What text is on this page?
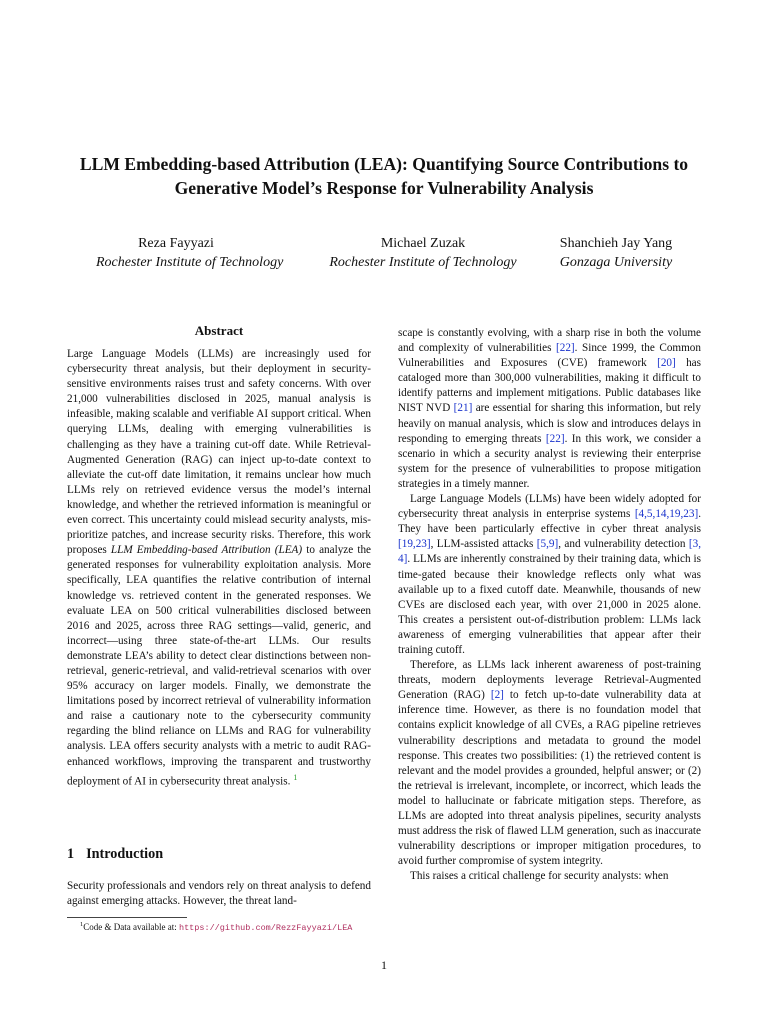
LLM Embedding-based Attribution (LEA): Quantifying Source Contributions to
Generative Model’s Response for Vulnerability Analysis
Reza Fayyazi
Rochester Institute of Technology
Michael Zuzak
Rochester Institute of Technology
Shanchieh Jay Yang
Gonzaga University
Abstract
Large Language Models (LLMs) are increasingly used for cybersecurity threat analysis, but their deployment in security-sensitive environments raises trust and safety concerns. With over 21,000 vulnerabilities disclosed in 2025, manual analysis is infeasible, making scalable and verifiable AI support critical. When querying LLMs, dealing with emerging vulnerabilities is challenging as they have a training cut-off date. While Retrieval-Augmented Generation (RAG) can inject up-to-date context to alleviate the cut-off date limitation, it remains unclear how much LLMs rely on retrieved evidence versus the model’s internal knowledge, and whether the retrieved information is meaningful or even correct. This uncertainty could mislead security analysts, mis-prioritize patches, and increase security risks. Therefore, this work proposes LLM Embedding-based Attribution (LEA) to analyze the generated responses for vulnerability exploitation analysis. More specifically, LEA quantifies the relative contribution of internal knowledge vs. retrieved content in the generated responses. We evaluate LEA on 500 critical vulnerabilities disclosed between 2016 and 2025, across three RAG settings—valid, generic, and incorrect—using three state-of-the-art LLMs. Our results demonstrate LEA’s ability to detect clear distinctions between non-retrieval, generic-retrieval, and valid-retrieval scenarios with over 95% accuracy on larger models. Finally, we demonstrate the limitations posed by incorrect retrieval of vulnerability information and raise a cautionary note to the cybersecurity community regarding the blind reliance on LLMs and RAG for vulnerability analysis. LEA offers security analysts with a metric to audit RAG-enhanced workflows, improving the transparent and trustworthy deployment of AI in cybersecurity threat analysis. $^1$
1 Introduction
Security professionals and vendors rely on threat analysis to defend against emerging attacks. However, the threat land-

scape is constantly evolving, with a sharp rise in both the volume and complexity of vulnerabilities [22]. Since 1999, the Common Vulnerabilities and Exposures (CVE) framework [20] has cataloged more than 300,000 vulnerabilities, making it difficult to identify patterns and implement mitigations. Public databases like NIST NVD [21] are essential for sharing this information, but rely heavily on manual analysis, which is slow and introduces delays in responding to emerging threats [22]. In this work, we consider a scenario in which a security analyst is reviewing their enterprise system for the presence of vulnerabilities to propose mitigation strategies in a timely manner.

Large Language Models (LLMs) have been widely adopted for cybersecurity threat analysis in enterprise systems [4,5,14,19,23]. They have been particularly effective in cyber threat analysis [19,23], LLM-assisted attacks [5,9], and vulnerability detection [3, 4]. LLMs are inherently constrained by their training data, which is time-gated because their knowledge reflects only what was available up to a fixed cutoff date. Meanwhile, thousands of new CVEs are disclosed each year, with over 21,000 in 2025 alone. This creates a persistent out-of-distribution problem: LLMs lack awareness of emerging vulnerabilities that appear after their training cutoff.

Therefore, as LLMs lack inherent awareness of post-training threats, modern deployments leverage Retrieval-Augmented Generation (RAG) [2] to fetch up-to-date vulnerability data at inference time. However, as there is no foundation model that contains explicit knowledge of all CVEs, a RAG pipeline retrieves vulnerability descriptions and metadata to ground the model response. This creates two possibilities: (1) the retrieved content is relevant and the model provides a grounded, helpful answer; or (2) the retrieval is irrelevant, incomplete, or incorrect, which leads the model to hallucinate or fabricate mitigation steps. Therefore, as LLMs are adopted into threat analysis pipelines, security analysts must address the risk of flawed LLM generation, such as inaccurate vulnerability descriptions or improper mitigation procedures, to avoid further compromise of system integrity.

This raises a critical challenge for security analysts: when

$^1$Code & Data available at: https://github.com/RezzFayyazi/LEA
1
